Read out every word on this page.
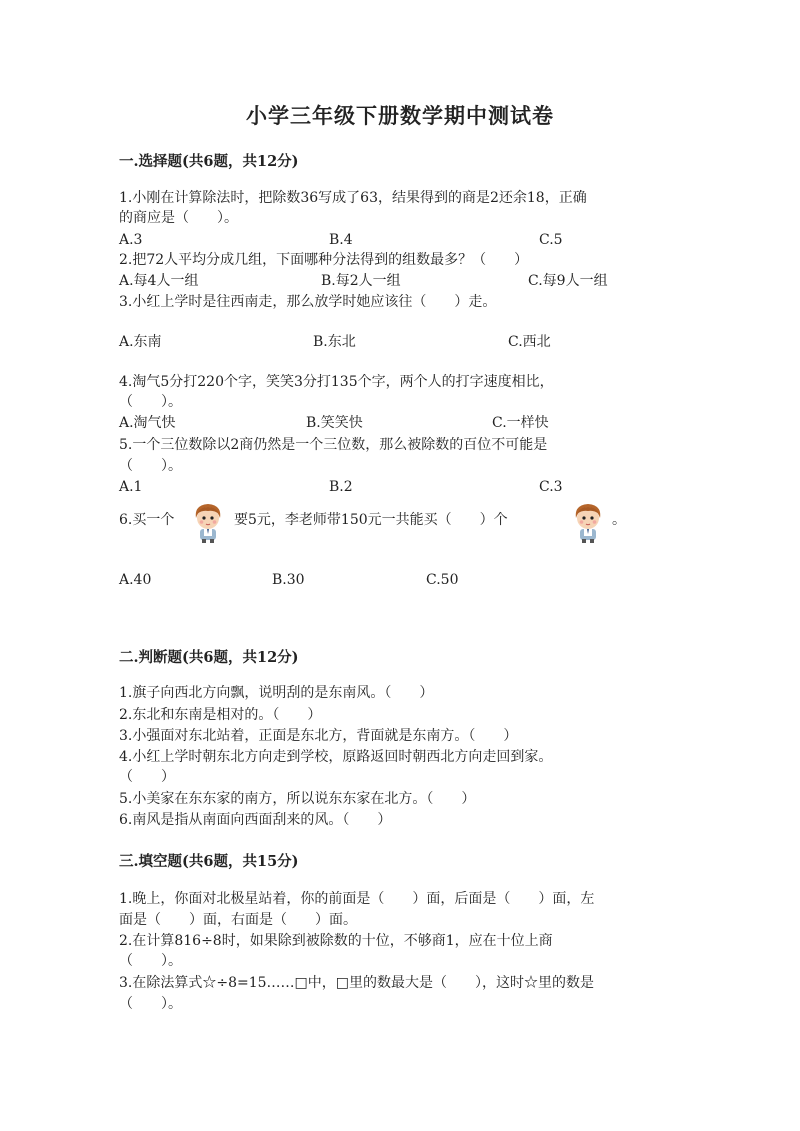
小学三年级下册数学期中测试卷
一.选择题(共6题，共12分)
1.小刚在计算除法时，把除数36写成了63，结果得到的商是2还余18，正确
的商应是（　　）。
A.3	B.4	C.5
2.把72人平均分成几组，下面哪种分法得到的组数最多？（　　）
A.每4人一组	B.每2人一组	C.每9人一组
3.小红上学时是往西南走，那么放学时她应该往（　　）走。
A.东南	B.东北	C.西北
4.淘气5分打220个字，笑笑3分打135个字，两个人的打字速度相比，
（　　）。
A.淘气快	B.笑笑快	C.一样快
5.一个三位数除以2商仍然是一个三位数，那么被除数的百位不可能是
（　　）。
A.1	B.2	C.3
6.买一个	要5元，李老师带150元一共能买（　　）个	。
A.40	B.30	C.50
二.判断题(共6题，共12分)
1.旗子向西北方向飘，说明刮的是东南风。（　　）
2.东北和东南是相对的。（　　）
3.小强面对东北站着，正面是东北方，背面就是东南方。（　　）
4.小红上学时朝东北方向走到学校，原路返回时朝西北方向走回到家。
（　　）
5.小美家在东东家的南方，所以说东东家在北方。（　　）
6.南风是指从南面向西面刮来的风。（　　）
三.填空题(共6题，共15分)
1.晚上，你面对北极星站着，你的前面是（　　）面，后面是（　　）面，左
面是（　　）面，右面是（　　）面。
2.在计算816÷8时，如果除到被除数的十位，不够商1，应在十位上商
（　　）。
3.在除法算式☆÷8=15……□中，□里的数最大是（　　），这时☆里的数是
（　　）。
